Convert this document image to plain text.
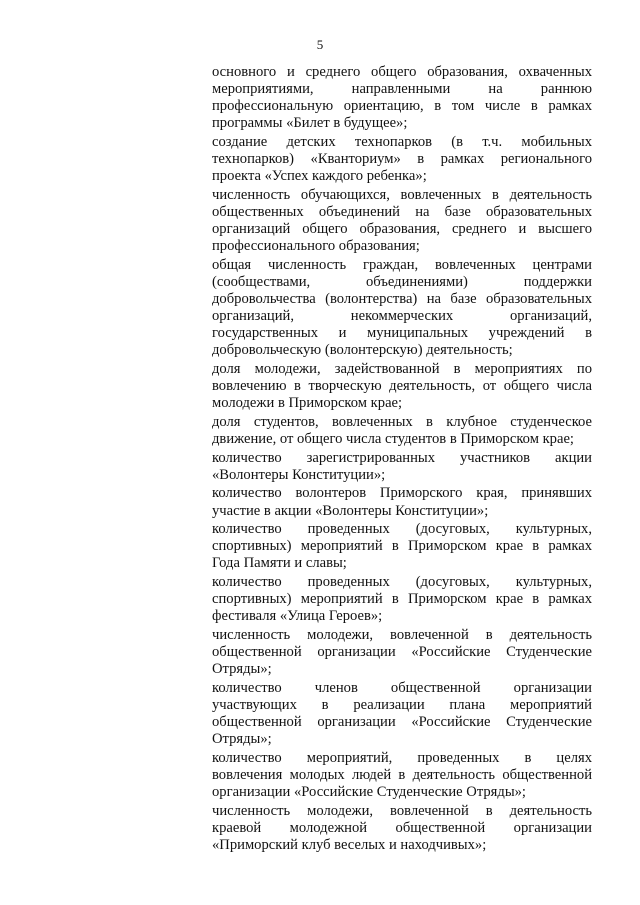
5
основного и среднего общего образования, охваченных
мероприятиями, направленными на раннюю
профессиональную ориентацию, в том числе в рамках
программы «Билет в будущее»;
создание детских технопарков (в т.ч. мобильных
технопарков) «Кванториум» в рамках регионального
проекта «Успех каждого ребенка»;
численность обучающихся, вовлеченных в деятельность
общественных объединений на базе образовательных
организаций общего образования, среднего и высшего
профессионального образования;
общая численность граждан, вовлеченных центрами
(сообществами, объединениями) поддержки
добровольчества (волонтерства) на базе образовательных
организаций, некоммерческих организаций,
государственных и муниципальных учреждений в
добровольческую (волонтерскую) деятельность;
доля молодежи, задействованной в мероприятиях по
вовлечению в творческую деятельность, от общего числа
молодежи в Приморском крае;
доля студентов, вовлеченных в клубное студенческое
движение, от общего числа студентов в Приморском крае;
количество зарегистрированных участников акции
«Волонтеры Конституции»;
количество волонтеров Приморского края, принявших
участие в акции «Волонтеры Конституции»;
количество проведенных (досуговых, культурных,
спортивных) мероприятий в Приморском крае в рамках
Года Памяти и славы;
количество проведенных (досуговых, культурных,
спортивных) мероприятий в Приморском крае в рамках
фестиваля «Улица Героев»;
численность молодежи, вовлеченной в деятельность
общественной организации «Российские Студенческие
Отряды»;
количество членов общественной организации
участвующих в реализации плана мероприятий
общественной организации «Российские Студенческие
Отряды»;
количество мероприятий, проведенных в целях
вовлечения молодых людей в деятельность общественной
организации «Российские Студенческие Отряды»;
численность молодежи, вовлеченной в деятельность
краевой молодежной общественной организации
«Приморский клуб веселых и находчивых»;
